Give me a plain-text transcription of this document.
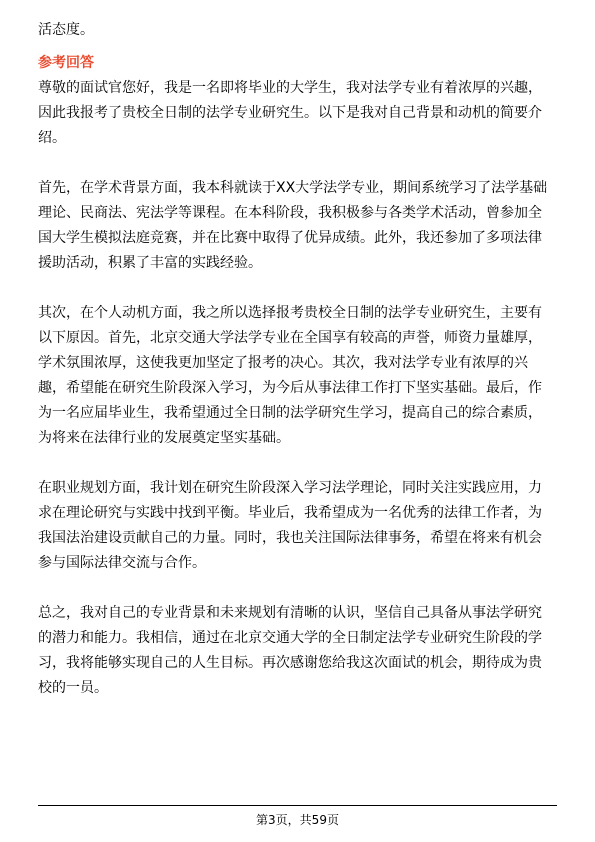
活态度。
参考回答
尊敬的面试官您好，我是一名即将毕业的大学生，我对法学专业有着浓厚的兴趣，
因此我报考了贵校全日制的法学专业研究生。以下是我对自己背景和动机的简要介
绍。
首先，在学术背景方面，我本科就读于XX大学法学专业，期间系统学习了法学基础
理论、民商法、宪法学等课程。在本科阶段，我积极参与各类学术活动，曾参加全
国大学生模拟法庭竞赛，并在比赛中取得了优异成绩。此外，我还参加了多项法律
援助活动，积累了丰富的实践经验。
其次，在个人动机方面，我之所以选择报考贵校全日制的法学专业研究生，主要有
以下原因。首先，北京交通大学法学专业在全国享有较高的声誉，师资力量雄厚，
学术氛围浓厚，这使我更加坚定了报考的决心。其次，我对法学专业有浓厚的兴
趣，希望能在研究生阶段深入学习，为今后从事法律工作打下坚实基础。最后，作
为一名应届毕业生，我希望通过全日制的法学研究生学习，提高自己的综合素质，
为将来在法律行业的发展奠定坚实基础。
在职业规划方面，我计划在研究生阶段深入学习法学理论，同时关注实践应用，力
求在理论研究与实践中找到平衡。毕业后，我希望成为一名优秀的法律工作者，为
我国法治建设贡献自己的力量。同时，我也关注国际法律事务，希望在将来有机会
参与国际法律交流与合作。
总之，我对自己的专业背景和未来规划有清晰的认识，坚信自己具备从事法学研究
的潜力和能力。我相信，通过在北京交通大学的全日制定法学专业研究生阶段的学
习，我将能够实现自己的人生目标。再次感谢您给我这次面试的机会，期待成为贵
校的一员。
第3页，共59页
